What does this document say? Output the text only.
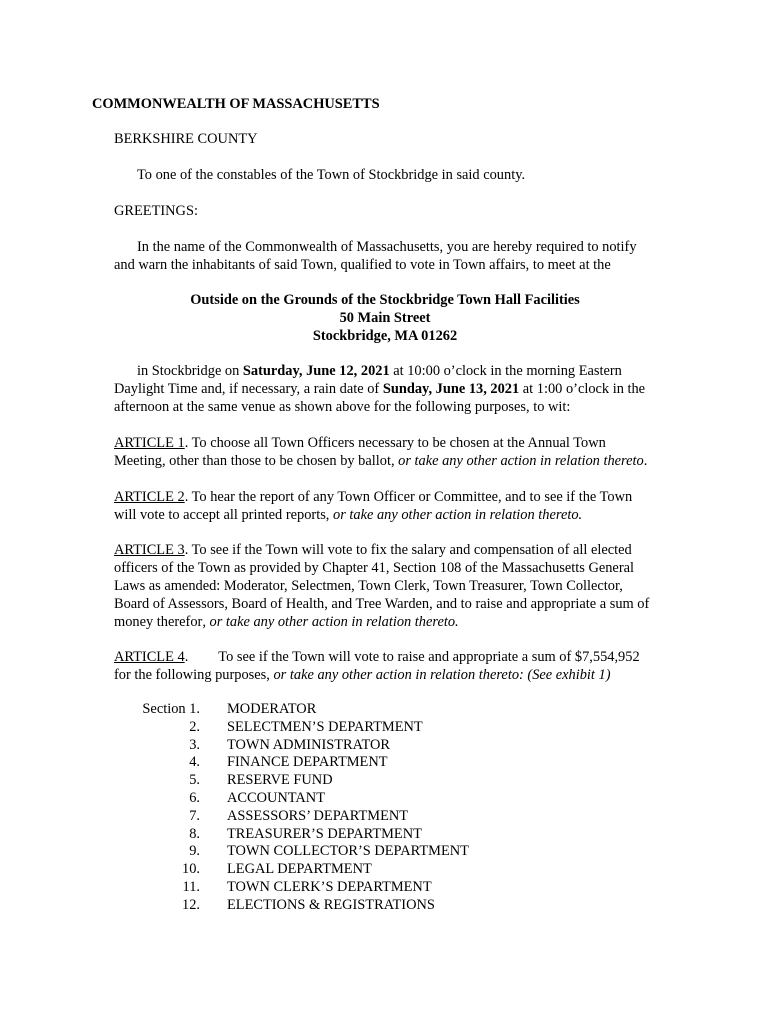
COMMONWEALTH OF MASSACHUSETTS
BERKSHIRE COUNTY
To one of the constables of the Town of Stockbridge in said county.
GREETINGS:
In the name of the Commonwealth of Massachusetts, you are hereby required to notify
and warn the inhabitants of said Town, qualified to vote in Town affairs, to meet at the
Outside on the Grounds of the Stockbridge Town Hall Facilities
50 Main Street
Stockbridge, MA 01262
in Stockbridge on Saturday, June 12, 2021 at 10:00 o’clock in the morning Eastern
Daylight Time and, if necessary, a rain date of Sunday, June 13, 2021 at 1:00 o’clock in the
afternoon at the same venue as shown above for the following purposes, to wit:
ARTICLE 1. To choose all Town Officers necessary to be chosen at the Annual Town
Meeting, other than those to be chosen by ballot, or take any other action in relation thereto.
ARTICLE 2. To hear the report of any Town Officer or Committee, and to see if the Town
will vote to accept all printed reports, or take any other action in relation thereto.
ARTICLE 3. To see if the Town will vote to fix the salary and compensation of all elected
officers of the Town as provided by Chapter 41, Section 108 of the Massachusetts General
Laws as amended: Moderator, Selectmen, Town Clerk, Town Treasurer, Town Collector,
Board of Assessors, Board of Health, and Tree Warden, and to raise and appropriate a sum of
money therefor, or take any other action in relation thereto.
ARTICLE 4. To see if the Town will vote to raise and appropriate a sum of $7,554,952
for the following purposes, or take any other action in relation thereto: (See exhibit 1)
Section 1.	MODERATOR
2.	SELECTMEN’S DEPARTMENT
3.	TOWN ADMINISTRATOR
4.	FINANCE DEPARTMENT
5.	RESERVE FUND
6.	ACCOUNTANT
7.	ASSESSORS’ DEPARTMENT
8.	TREASURER’S DEPARTMENT
9.	TOWN COLLECTOR’S DEPARTMENT
10.	LEGAL DEPARTMENT
11.	TOWN CLERK’S DEPARTMENT
12.	ELECTIONS & REGISTRATIONS
